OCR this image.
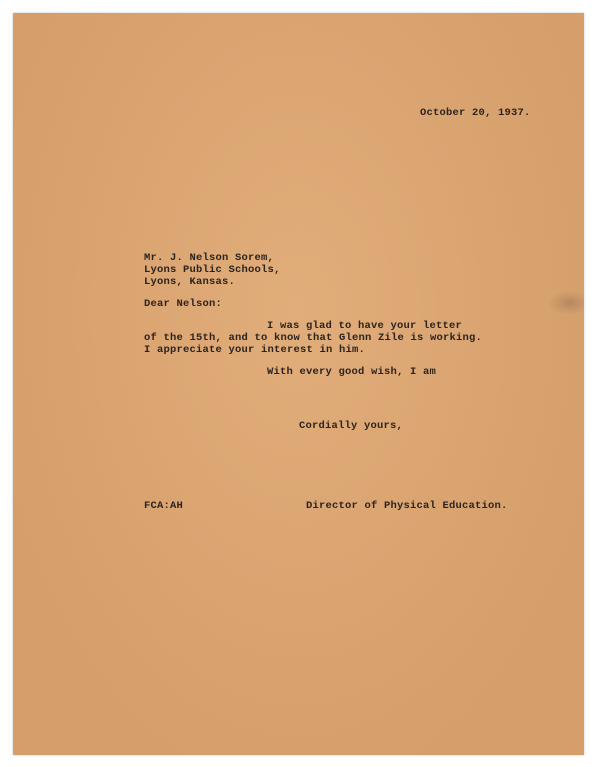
October 20, 1937.
Mr. J. Nelson Sorem,
Lyons Public Schools,
Lyons, Kansas.
Dear Nelson:
I was glad to have your letter
of the 15th, and to know that Glenn Zile is working.
I appreciate your interest in him.
With every good wish, I am
Cordially yours,
FCA:AH	Director of Physical Education.
